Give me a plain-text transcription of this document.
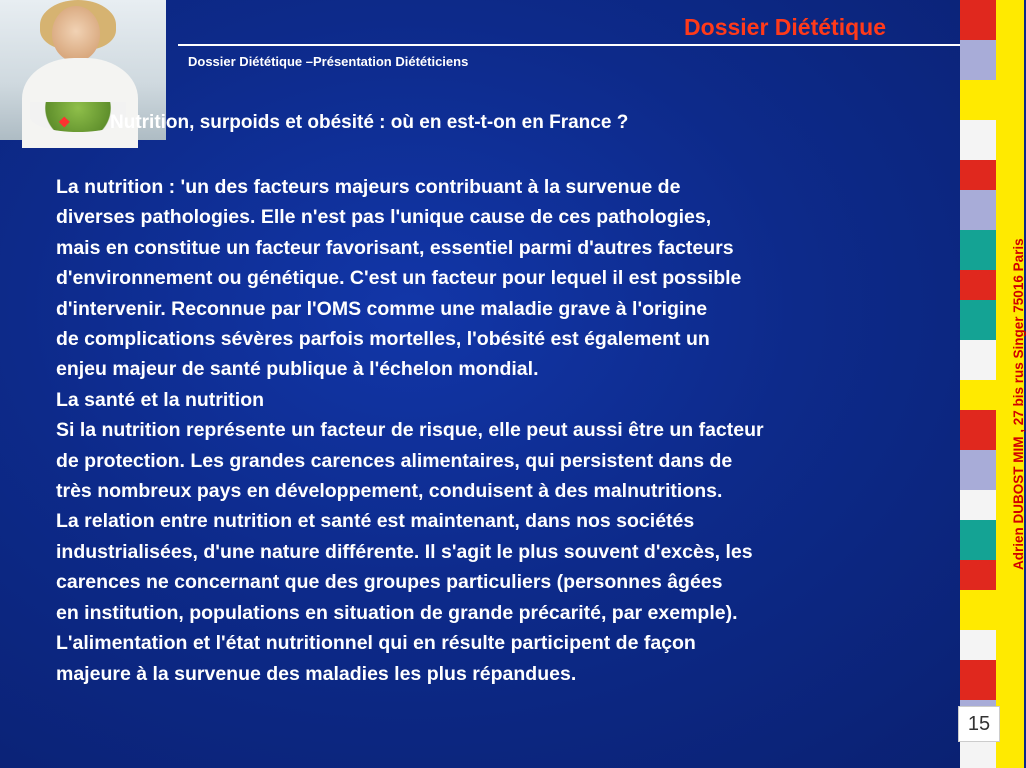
Dossier Diététique
Dossier Diététique –Présentation Diététiciens
❖ Nutrition, surpoids et obésité : où en est-t-on en France ?

La nutrition : 'un des facteurs majeurs contribuant à la survenue de

diverses pathologies. Elle n'est pas l'unique cause de ces pathologies,

mais en constitue un facteur favorisant, essentiel parmi d'autres facteurs

d'environnement ou génétique. C'est un facteur pour lequel il est possible

d'intervenir. Reconnue par l'OMS comme une maladie grave à l'origine

de complications sévères parfois mortelles, l'obésité est également un

enjeu majeur de santé publique à l'échelon mondial.

La santé et la nutrition

Si la nutrition représente un facteur de risque, elle peut aussi être un facteur

de protection. Les grandes carences alimentaires, qui persistent dans de

très nombreux pays en développement, conduisent à des malnutritions.

La relation entre nutrition et santé est maintenant, dans nos sociétés

industrialisées, d'une nature différente. Il s'agit le plus souvent d'excès, les

carences ne concernant que des groupes particuliers (personnes âgées

en institution, populations en situation de grande précarité, par exemple).

L'alimentation et l'état nutritionnel qui en résulte participent de façon

majeure à la survenue des maladies les plus répandues.

Adrien DUBOST MIM , 27 bis rus Singer 75016 Paris
15
